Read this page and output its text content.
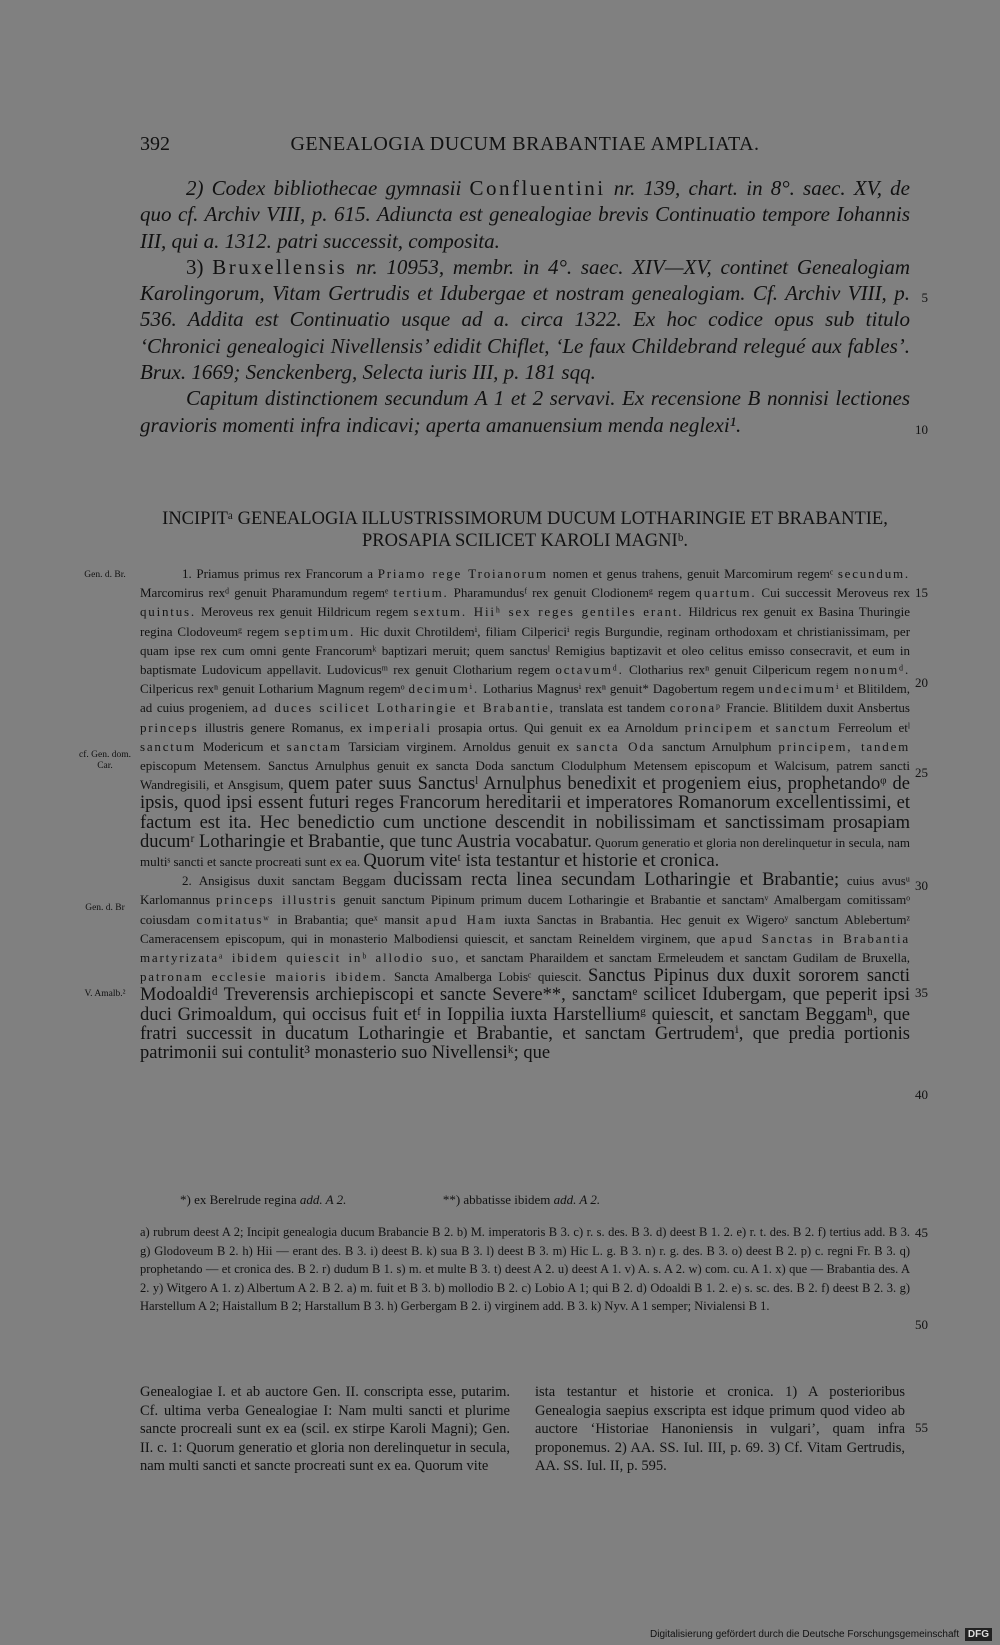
392	GENEALOGIA DUCUM BRABANTIAE AMPLIATA.

2) Codex bibliothecae gymnasii Confluentini nr. 139, chart. in 8°. saec. XV, de quo cf. Archiv VIII, p. 615. Adiuncta est genealogiae brevis Continuatio tempore Iohannis III, qui a. 1312. patri successit, composita.

3) Bruxellensis nr. 10953, membr. in 4°. saec. XIV—XV, continet Genealogiam Karolingorum, Vitam Gertrudis et Idubergae et nostram genealogiam. Cf. Archiv VIII, p. 536. Addita est Continuatio usque ad a. circa 1322. Ex hoc codice opus sub titulo ‘Chronici genealogici Nivellensis’ edidit Chiflet, ‘Le faux Childebrand relegué aux fables’. Brux. 1669; Senckenberg, Selecta iuris III, p. 181 sqq.

Capitum distinctionem secundum A 1 et 2 servavi. Ex recensione B nonnisi lectiones gravioris momenti infra indicavi; aperta amanuensium menda neglexi¹.

INCIPITᵃ GENEALOGIA ILLUSTRISSIMORUM DUCUM LOTHARINGIE ET BRABANTIE,
PROSAPIA SCILICET KAROLI MAGNIᵇ.
Gen. d. Br.
cf. Gen. dom. Car.
Gen. d. Br
V. Amalb.²
5
10
15
20
25
30
35
40
45
50
55

1. Priamus primus rex Francorum a Priamo rege Troianorum nomen et genus trahens, genuit Marcomirum regemᶜ secundum. Marcomirus rexᵈ genuit Pharamundum regemᵉ tertium. Pharamundusᶠ rex genuit Clodionemᵍ regem quartum. Cui successit Meroveus rex quintus. Meroveus rex genuit Hildricum regem sextum. Hiiʰ sex reges gentiles erant. Hildricus rex genuit ex Basina Thuringie regina Clodoveumᵍ regem septimum. Hic duxit Chrotildemⁱ, filiam Cilpericiⁱ regis Burgundie, reginam orthodoxam et christianissimam, per quam ipse rex cum omni gente Francorumᵏ baptizari meruit; quem sanctusˡ Remigius baptizavit et oleo celitus emisso consecravit, et eum in baptismate Ludovicum appellavit. Ludovicusᵐ rex genuit Clotharium regem octavumᵈ. Clotharius rexⁿ genuit Cilpericum regem nonumᵈ. Cilpericus rexⁿ genuit Lotharium Magnum regemᵒ decimumⁱ. Lotharius Magnusⁱ rexⁿ genuit* Dagobertum regem undecimumⁱ et Blitildem, ad cuius progeniem, ad duces scilicet Lotharingie et Brabantie, translata est tandem coronaᵖ Francie. Blitildem duxit Ansbertus princeps illustris genere Romanus, ex imperiali prosapia ortus. Qui genuit ex ea Arnoldum principem et sanctum Ferreolum etˡ sanctum Modericum et sanctam Tarsiciam virginem. Arnoldus genuit ex sancta Oda sanctum Arnulphum principem, tandem episcopum Metensem. Sanctus Arnulphus genuit ex sancta Doda sanctum Clodulphum Metensem episcopum et Walcisum, patrem sancti Wandregisili, et Ansgisum, quem pater suus Sanctusˡ Arnulphus benedixit et progeniem eius, prophetandoᵠ de ipsis, quod ipsi essent futuri reges Francorum hereditarii et imperatores Romanorum excellentissimi, et factum est ita. Hec benedictio cum unctione descendit in nobilissimam et sanctissimam prosapiam ducumʳ Lotharingie et Brabantie, que tunc Austria vocabatur. Quorum generatio et gloria non derelinquetur in secula, nam multiˢ sancti et sancte procreati sunt ex ea. Quorum viteᵗ ista testantur et historie et cronica.

2. Ansigisus duxit sanctam Beggam ducissam recta linea secundam Lotharingie et Brabantie; cuius avusᵘ Karlomannus princeps illustris genuit sanctum Pipinum primum ducem Lotharingie et Brabantie et sanctamᵛ Amalbergam comitissamᵒ coiusdam comitatusʷ in Brabantia; queˣ mansit apud Ham iuxta Sanctas in Brabantia. Hec genuit ex Wigeroʸ sanctum Ablebertumᶻ Cameracensem episcopum, qui in monasterio Malbodiensi quiescit, et sanctam Reineldem virginem, que apud Sanctas in Brabantia martyrizataᵃ ibidem quiescit inᵇ allodio suo, et sanctam Pharaildem et sanctam Ermeleudem et sanctam Gudilam de Bruxella, patronam ecclesie maioris ibidem. Sancta Amalberga Lobisᶜ quiescit. Sanctus Pipinus dux duxit sororem sancti Modoaldiᵈ Treverensis archiepiscopi et sancte Severe**, sanctamᵉ scilicet Idubergam, que peperit ipsi duci Grimoaldum, qui occisus fuit etᶠ in Ioppilia iuxta Harstelliumᵍ quiescit, et sanctam Beggamʰ, que fratri successit in ducatum Lotharingie et Brabantie, et sanctam Gertrudemⁱ, que predia portionis patrimonii sui contulit³ monasterio suo Nivellensiᵏ; que

*) ex Berelrude regina add. A 2.	**) abbatisse ibidem add. A 2.
a) rubrum deest A 2; Incipit genealogia ducum Brabancie B 2. b) M. imperatoris B 3. c) r. s. des. B 3. d) deest B 1. 2. e) r. t. des. B 2. f) tertius add. B 3. g) Glodoveum B 2. h) Hii — erant des. B 3. i) deest B. k) sua B 3. l) deest B 3. m) Hic L. g. B 3. n) r. g. des. B 3. o) deest B 2. p) c. regni Fr. B 3. q) prophetando — et cronica des. B 2. r) dudum B 1. s) m. et multe B 3. t) deest A 2. u) deest A 1. v) A. s. A 2. w) com. cu. A 1. x) que — Brabantia des. A 2. y) Witgero A 1. z) Albertum A 2. B 2. a) m. fuit et B 3. b) mollodio B 2. c) Lobio A 1; qui B 2. d) Odoaldi B 1. 2. e) s. sc. des. B 2. f) deest B 2. 3. g) Harstellum A 2; Haistallum B 2; Harstallum B 3. h) Gerbergam B 2. i) virginem add. B 3. k) Nyv. A 1 semper; Nivialensi B 1.
Genealogiae I. et ab auctore Gen. II. conscripta esse, putarim. Cf. ultima verba Genealogiae I: Nam multi sancti et plurime sancte procreali sunt ex ea (scil. ex stirpe Karoli Magni); Gen. II. c. 1: Quorum generatio et gloria non derelinquetur in secula, nam multi sancti et sancte procreati sunt ex ea. Quorum vite
ista testantur et historie et cronica. 1) A posterioribus Genealogia saepius exscripta est idque primum quod video ab auctore ‘Historiae Hanoniensis in vulgari’, quam infra proponemus. 2) AA. SS. Iul. III, p. 69. 3) Cf. Vitam Gertrudis, AA. SS. Iul. II, p. 595.
Digitalisierung gefördert durch die Deutsche Forschungsgemeinschaft DFG
